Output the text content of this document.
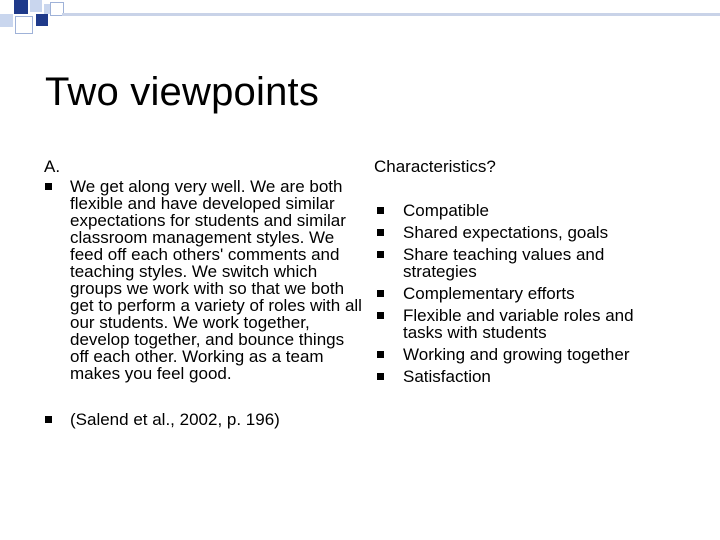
Two viewpoints

A.

We get along very well. We are both flexible and have developed similar expectations for students and similar classroom management styles. We feed off each others' comments and teaching styles. We switch which groups we work with so that we both get to perform a variety of roles with all our students. We work together, develop together, and bounce things off each other. Working as a team makes you feel good.

(Salend et al., 2002, p. 196)

Characteristics?

Compatible

Shared expectations, goals

Share teaching values and strategies

Complementary efforts

Flexible and variable roles and tasks with students

Working and growing together

Satisfaction
